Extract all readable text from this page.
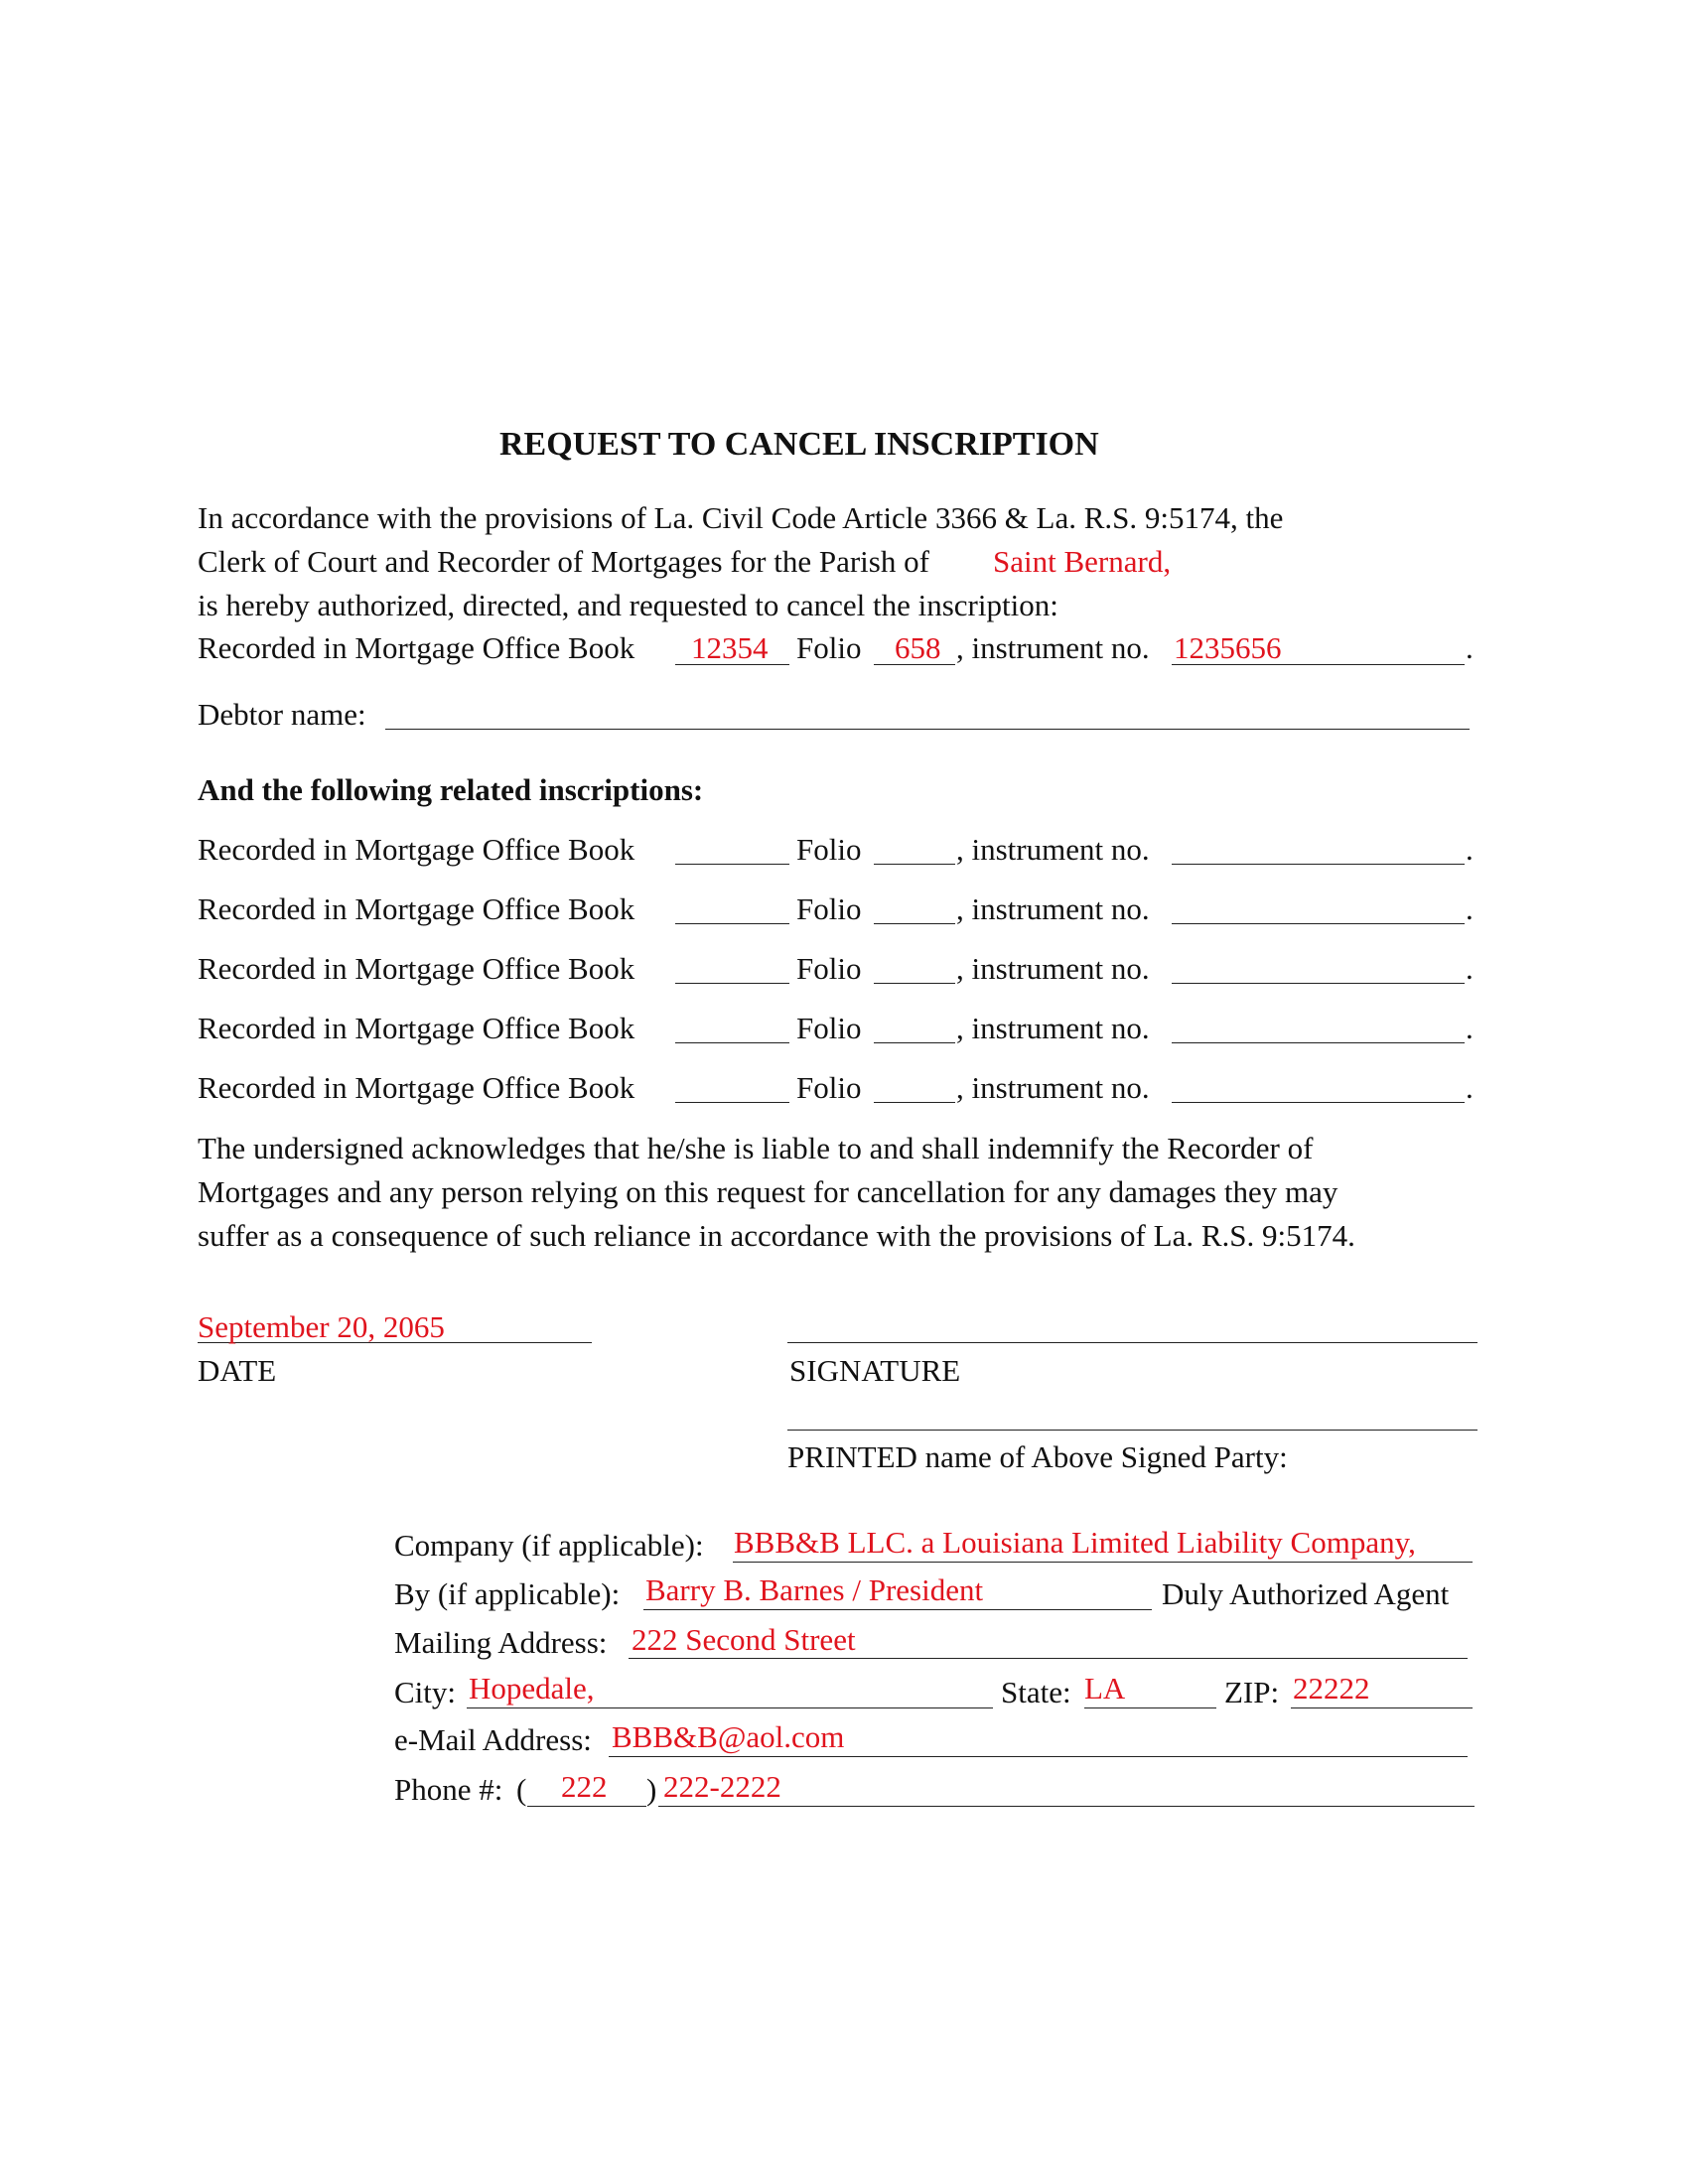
REQUEST TO CANCEL INSCRIPTION
In accordance with the provisions of La. Civil Code Article 3366 & La. R.S. 9:5174, the
Clerk of Court and Recorder of Mortgages for the Parish of Saint Bernard,
is hereby authorized, directed, and requested to cancel the inscription:
Recorded in Mortgage Office Book 12354 Folio 658 , instrument no. 1235656	.
Debtor name:
And the following related inscriptions:
Recorded in Mortgage Office Book	Folio	, instrument no.	.
Recorded in Mortgage Office Book	Folio	, instrument no.	.
Recorded in Mortgage Office Book	Folio	, instrument no.	.
Recorded in Mortgage Office Book	Folio	, instrument no.	.
Recorded in Mortgage Office Book	Folio	, instrument no.	.
The undersigned acknowledges that he/she is liable to and shall indemnify the Recorder of
Mortgages and any person relying on this request for cancellation for any damages they may
suffer as a consequence of such reliance in accordance with the provisions of La. R.S. 9:5174.
September 20, 2065
DATE	SIGNATURE
PRINTED name of Above Signed Party:
Company (if applicable): BBB&B LLC. a Louisiana Limited Liability Company,
By (if applicable): Barry B. Barnes / President	Duly Authorized Agent
Mailing Address: 222 Second Street
City: Hopedale,	State: LA	ZIP: 22222
e-Mail Address: BBB&B@aol.com
Phone #: ( 222 ) 222-2222
